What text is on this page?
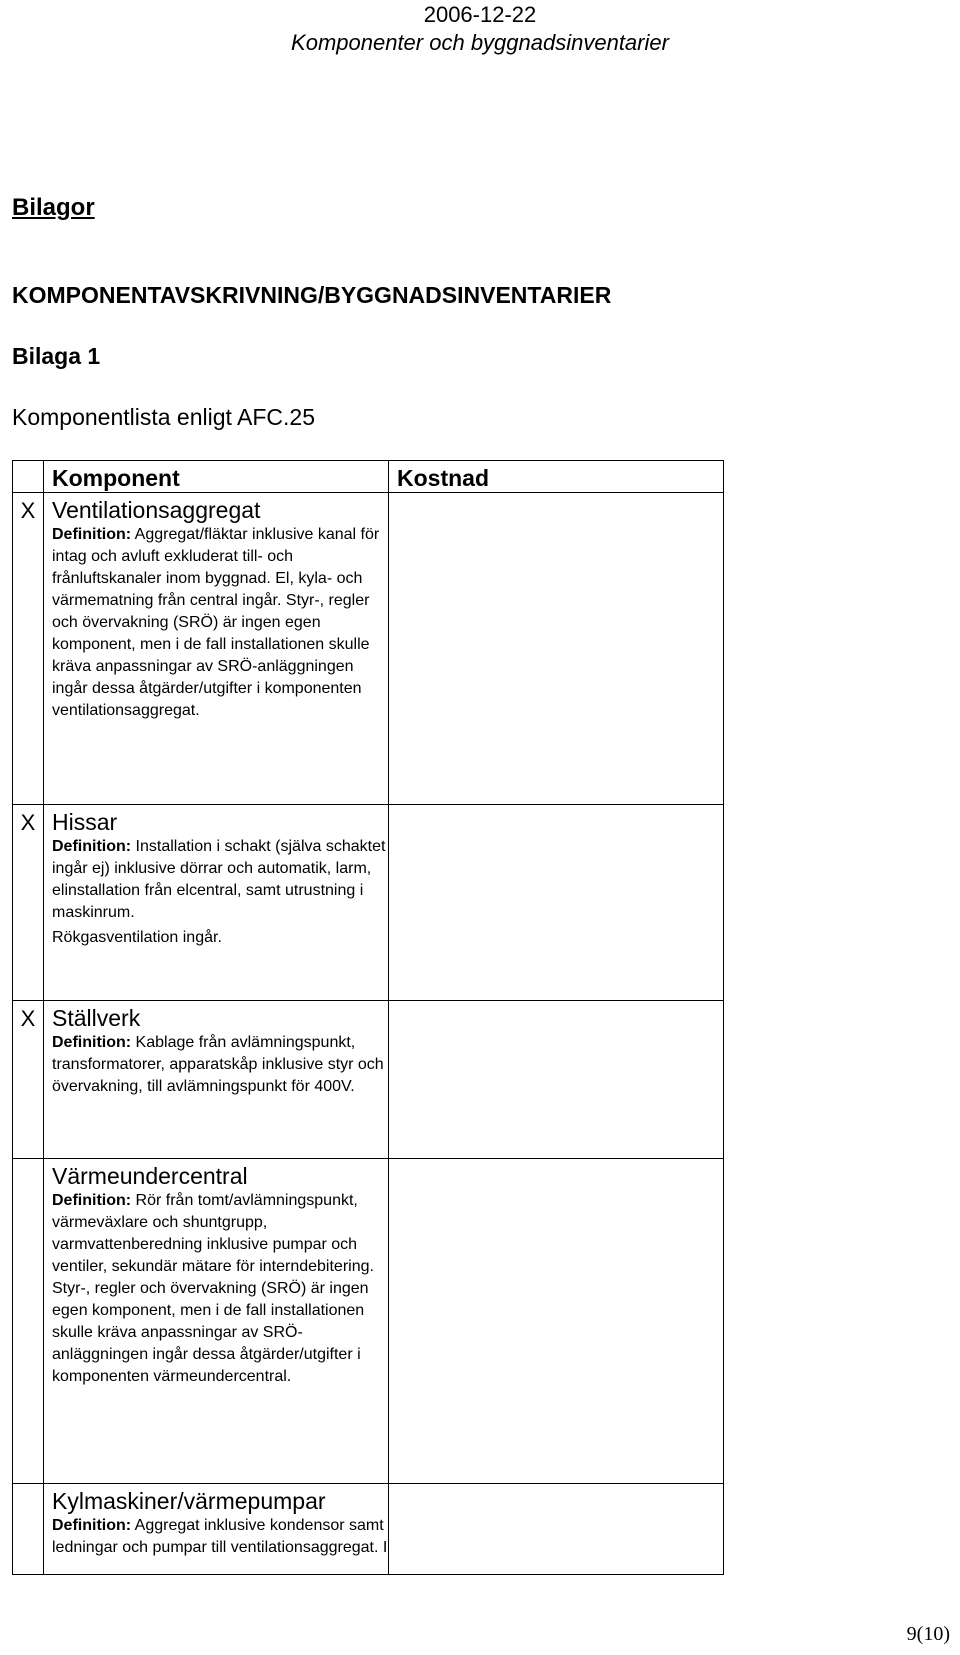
2006-12-22
Komponenter och byggnadsinventarier
Bilagor
KOMPONENTAVSKRIVNING/BYGGNADSINVENTARIER
Bilaga 1
Komponentlista enligt AFC.25
	Komponent	Kostnad
X	Ventilationsaggregat
Definition: Aggregat/fläktar inklusive kanal för intag och avluft exkluderat till- och frånluftskanaler inom byggnad. El, kyla- och värmematning från central ingår. Styr-, regler och övervakning (SRÖ) är ingen egen komponent, men i de fall installationen skulle kräva anpassningar av SRÖ-anläggningen ingår dessa åtgärder/utgifter i komponenten ventilationsaggregat.	

X	Hissar
Definition: Installation i schakt (själva schaktet ingår ej) inklusive dörrar och automatik, larm, elinstallation från elcentral, samt utrustning i maskinrum.
Rökgasventilation ingår.	

X	Ställverk
Definition: Kablage från avlämningspunkt, transformatorer, apparatskåp inklusive styr och övervakning, till avlämningspunkt för 400V.	

	Värmeundercentral
Definition: Rör från tomt/avlämningspunkt, värmeväxlare och shuntgrupp, varmvattenberedning inklusive pumpar och ventiler, sekundär mätare för interndebitering. Styr-, regler och övervakning (SRÖ) är ingen egen komponent, men i de fall installationen skulle kräva anpassningar av SRÖ-anläggningen ingår dessa åtgärder/utgifter i komponenten värmeundercentral.	

	Kylmaskiner/värmepumpar
Definition: Aggregat inklusive kondensor samt ledningar och pumpar till ventilationsaggregat. I	

9(10)
